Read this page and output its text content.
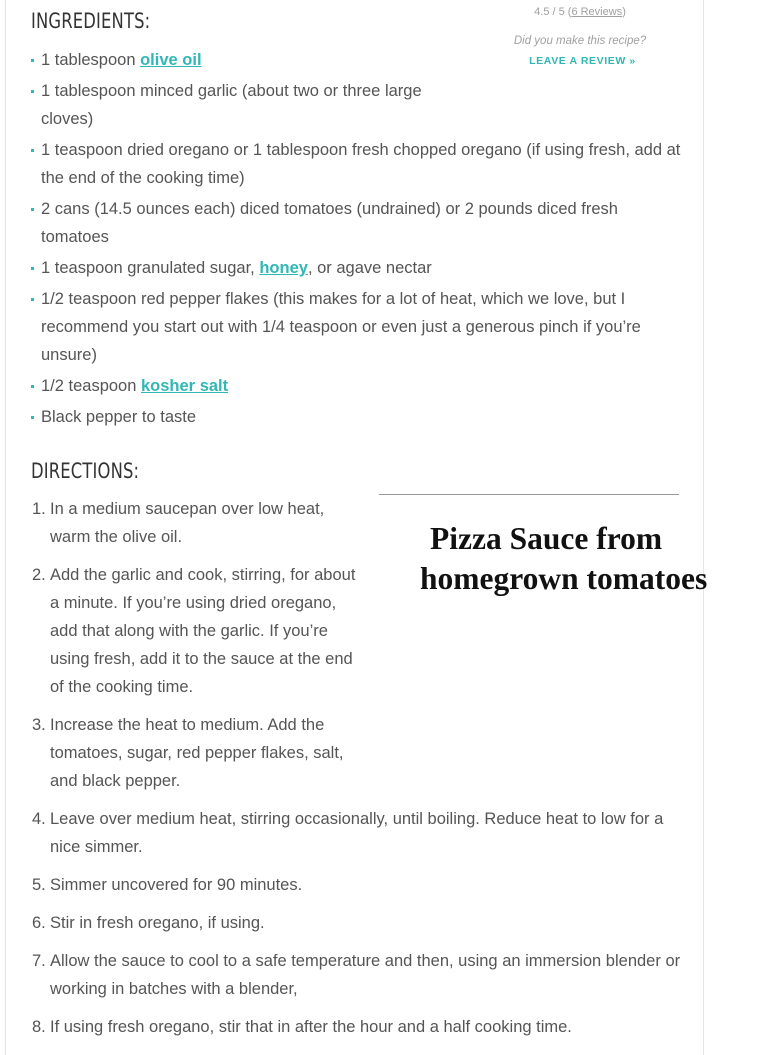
INGREDIENTS:	4.5 / 5 (6 Reviews)
Did you make this recipe?
LEAVE A REVIEW »
1 tablespoon olive oil
1 tablespoon minced garlic (about two or three large cloves)
1 teaspoon dried oregano or 1 tablespoon fresh chopped oregano (if using fresh, add at the end of the cooking time)
2 cans (14.5 ounces each) diced tomatoes (undrained) or 2 pounds diced fresh tomatoes
1 teaspoon granulated sugar, honey, or agave nectar
1/2 teaspoon red pepper flakes (this makes for a lot of heat, which we love, but I recommend you start out with 1/4 teaspoon or even just a generous pinch if you’re unsure)
1/2 teaspoon kosher salt
Black pepper to taste
DIRECTIONS:
Pizza Sauce from
homegrown tomatoes
1. In a medium saucepan over low heat, warm the olive oil.
2. Add the garlic and cook, stirring, for about a minute. If you’re using dried oregano, add that along with the garlic. If you’re using fresh, add it to the sauce at the end of the cooking time.
3. Increase the heat to medium. Add the tomatoes, sugar, red pepper flakes, salt, and black pepper.
4. Leave over medium heat, stirring occasionally, until boiling. Reduce heat to low for a nice simmer.
5. Simmer uncovered for 90 minutes.
6. Stir in fresh oregano, if using.
7. Allow the sauce to cool to a safe temperature and then, using an immersion blender or working in batches with a blender,
8. If using fresh oregano, stir that in after the hour and a half cooking time.
